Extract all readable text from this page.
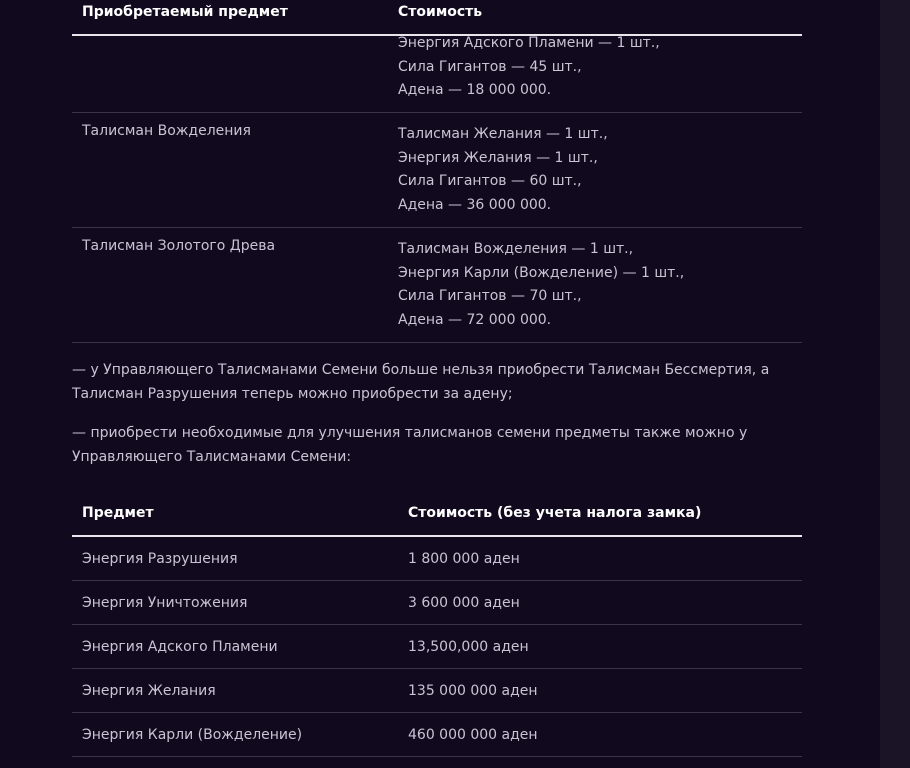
Приобретаемый предмет	Стоимость

	Энергия Адского Пламени — 1 шт.,
Сила Гигантов — 45 шт.,
Адена — 18 000 000.

Талисман Вожделения	Талисман Желания — 1 шт.,
Энергия Желания — 1 шт.,
Сила Гигантов — 60 шт.,
Адена — 36 000 000.

Талисман Золотого Древа	Талисман Вожделения — 1 шт.,
Энергия Карли (Вожделение) — 1 шт.,
Сила Гигантов — 70 шт.,
Адена — 72 000 000.

— у Управляющего Талисманами Семени больше нельзя приобрести Талисман Бессмертия, а Талисман Разрушения теперь можно приобрести за адену;

— приобрести необходимые для улучшения талисманов семени предметы также можно у Управляющего Талисманами Семени:

Предмет	Стоимость (без учета налога замка)
Энергия Разрушения	1 800 000 аден
Энергия Уничтожения	3 600 000 аден
Энергия Адского Пламени	13,500,000 аден
Энергия Желания	135 000 000 аден
Энергия Карли (Вожделение)	460 000 000 аден
